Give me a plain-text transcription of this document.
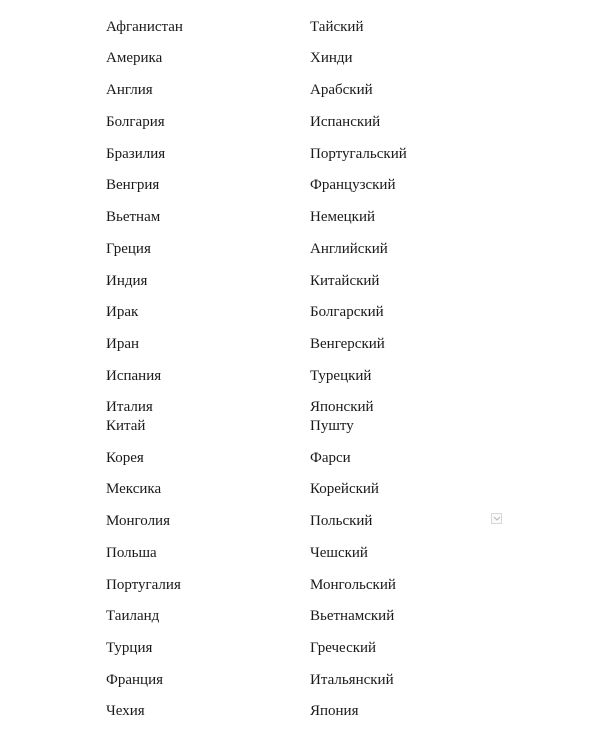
Афганистан
Америка
Англия
Болгария
Бразилия
Венгрия
Вьетнам
Греция
Индия
Ирак
Иран
Испания
Италия
Китай
Корея
Мексика
Монголия
Польша
Португалия
Таиланд
Турция
Франция
Чехия
Тайский
Хинди
Арабский
Испанский
Португальский
Французский
Немецкий
Английский
Китайский
Болгарский
Венгерский
Турецкий
Японский
Пушту
Фарси
Корейский
Польский
Чешский
Монгольский
Вьетнамский
Греческий
Итальянский
Япония
